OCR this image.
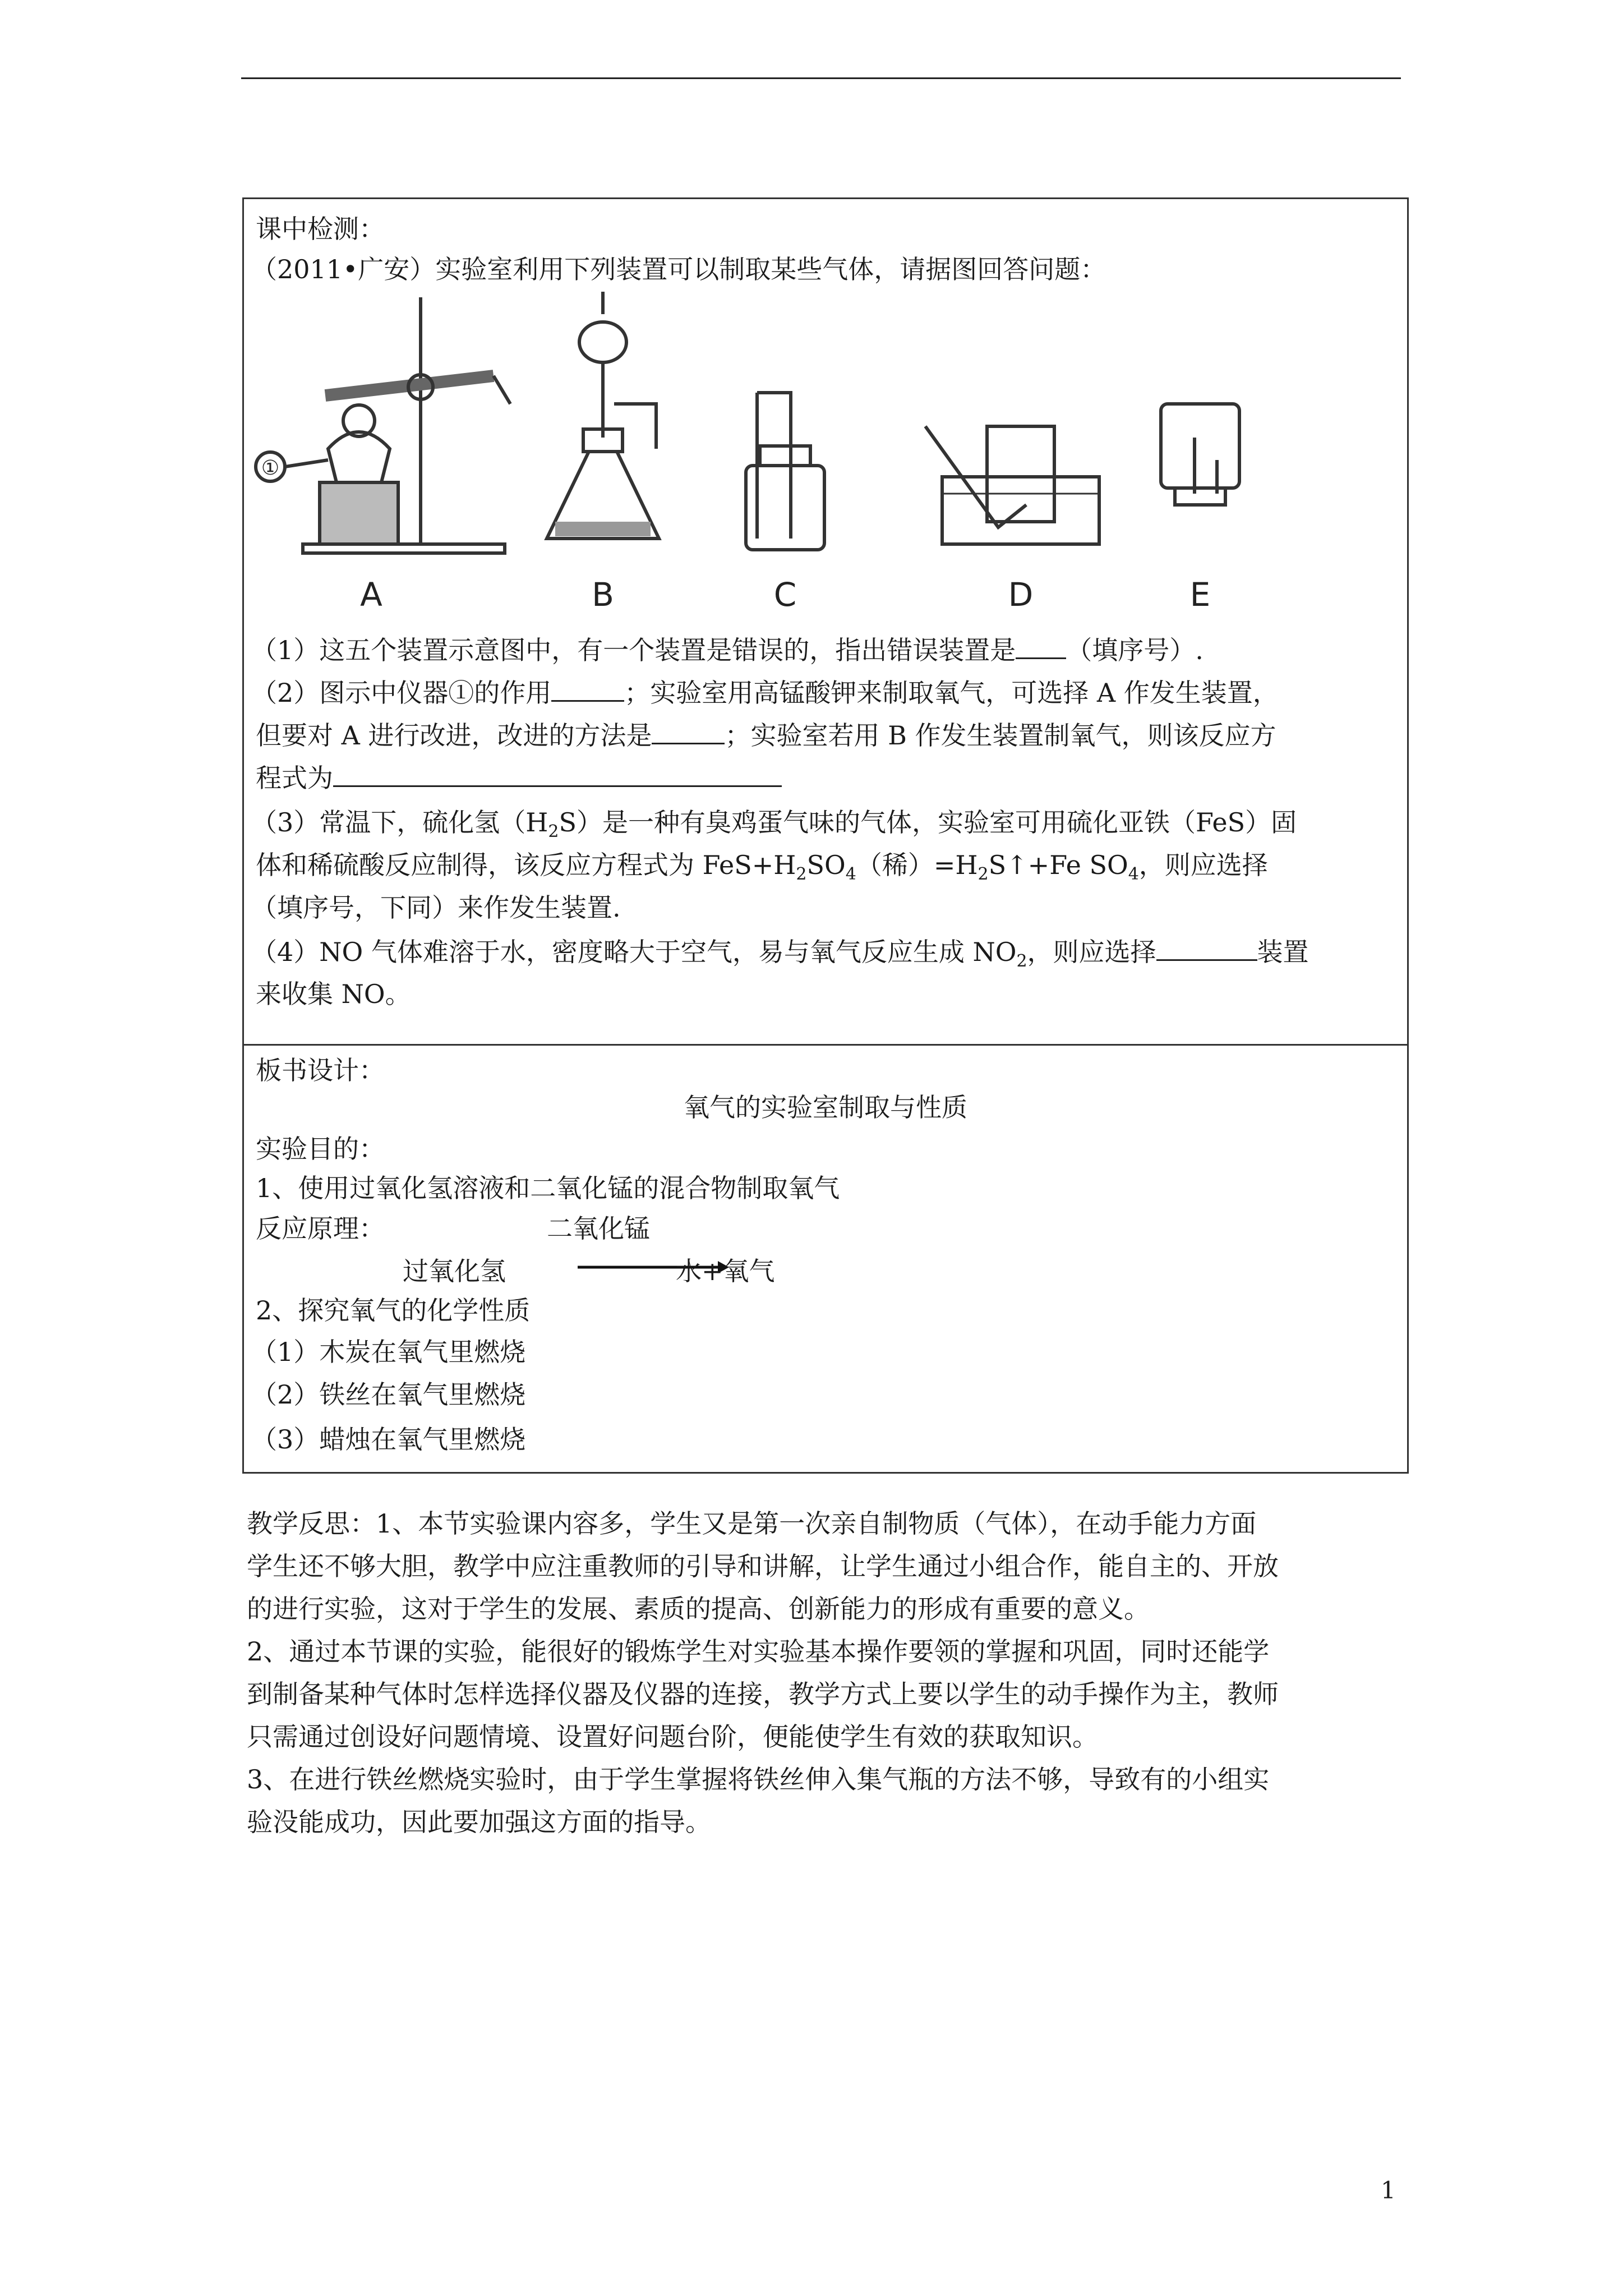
课中检测：
（2011•广安）实验室利用下列装置可以制取某些气体，请据图回答问题：
A	B	C	D	E
①
（1）这五个装置示意图中，有一个装置是错误的，指出错误装置是 （填序号）.
（2）图示中仪器①的作用	；实验室用高锰酸钾来制取氧气，可选择 A 作发生装置，
但要对 A 进行改进，改进的方法是	；实验室若用 B 作发生装置制氧气，则该反应方
程式为
（3）常温下，硫化氢$(H_2S)$是一种有臭鸡蛋气味的气体，实验室可用硫化亚铁（FeS）固
体和稀硫酸反应制得，该反应方程式为 $FeS+H_2SO_4$（稀）$=H_2S↑+Fe$ $SO_4$，则应选择
（填序号，下同）来作发生装置.
（4）NO 气体难溶于水，密度略大于空气，易与氧气反应生成 $NO_2$，则应选择	装置
来收集 NO。
板书设计：
氧气的实验室制取与性质
实验目的：
1、使用过氧化氢溶液和二氧化锰的混合物制取氧气
反应原理：	二氧化锰
过氧化氢	水+氧气
2、探究氧气的化学性质
（1）木炭在氧气里燃烧
（2）铁丝在氧气里燃烧
（3）蜡烛在氧气里燃烧
教学反思：1、本节实验课内容多，学生又是第一次亲自制物质（气体），在动手能力方面
学生还不够大胆，教学中应注重教师的引导和讲解，让学生通过小组合作，能自主的、开放
的进行实验，这对于学生的发展、素质的提高、创新能力的形成有重要的意义。
2、通过本节课的实验，能很好的锻炼学生对实验基本操作要领的掌握和巩固，同时还能学
到制备某种气体时怎样选择仪器及仪器的连接，教学方式上要以学生的动手操作为主，教师
只需通过创设好问题情境、设置好问题台阶，便能使学生有效的获取知识。
3、在进行铁丝燃烧实验时，由于学生掌握将铁丝伸入集气瓶的方法不够，导致有的小组实
验没能成功，因此要加强这方面的指导。
1
